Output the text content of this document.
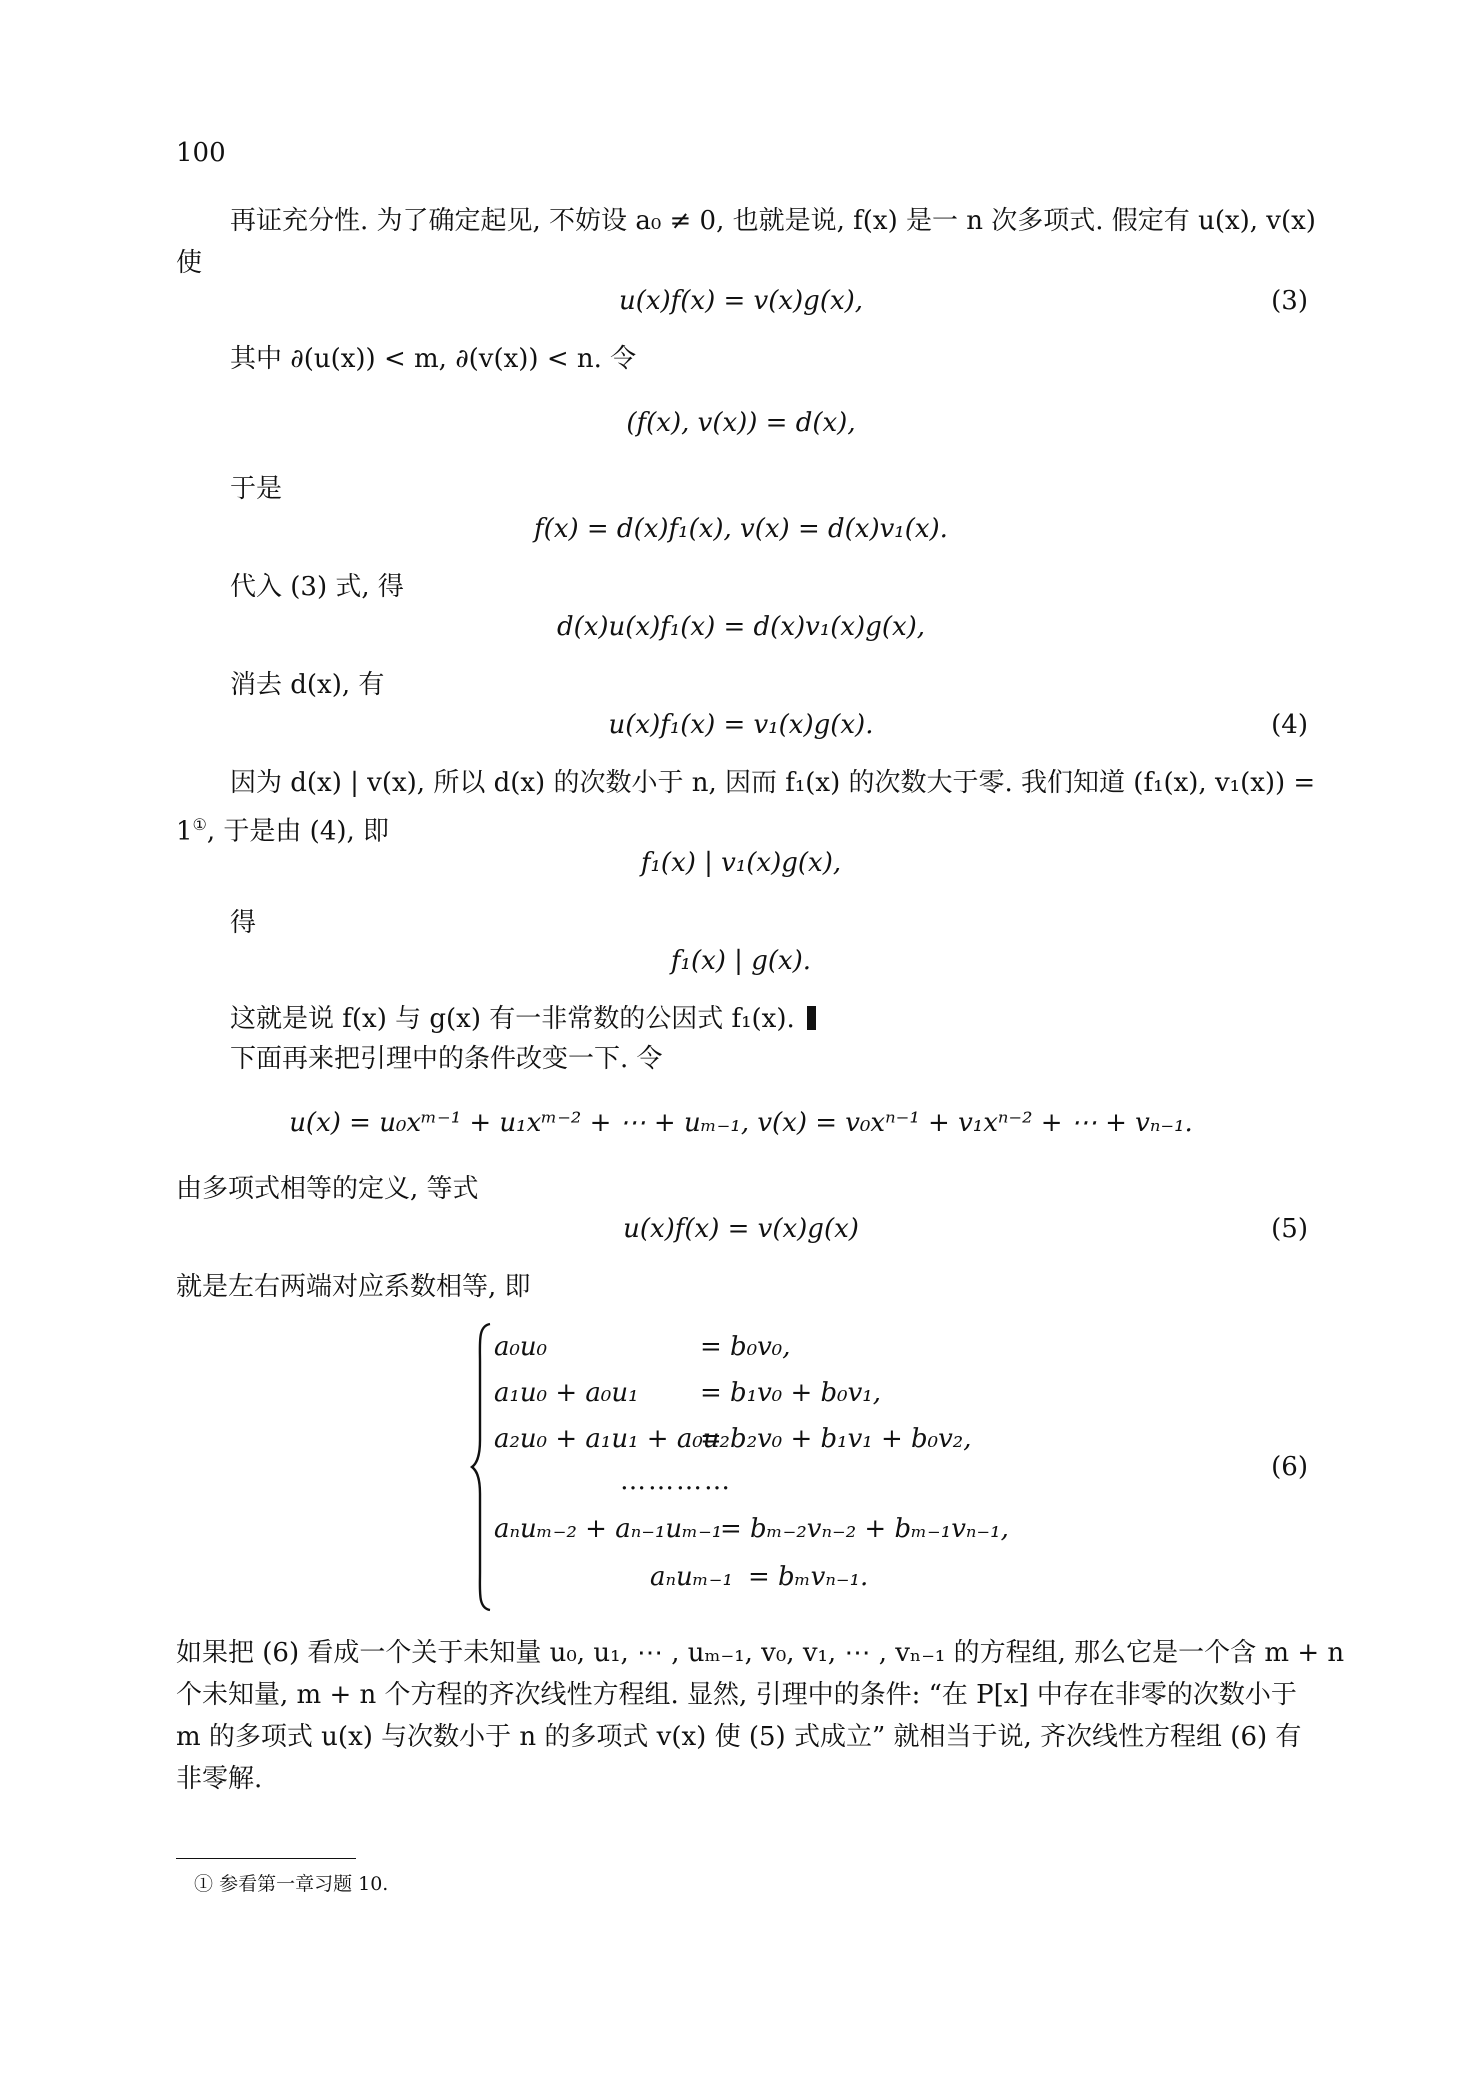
100
再证充分性. 为了确定起见, 不妨设 a₀ ≠ 0, 也就是说, f(x) 是一 n 次多项式. 假定有 u(x), v(x)
使
u(x)f(x) = v(x)g(x),	(3)
其中 ∂(u(x)) < m, ∂(v(x)) < n. 令
(f(x), v(x)) = d(x),
于是
f(x) = d(x)f₁(x), v(x) = d(x)v₁(x).
代入 (3) 式, 得
d(x)u(x)f₁(x) = d(x)v₁(x)g(x),
消去 d(x), 有
u(x)f₁(x) = v₁(x)g(x).	(4)
因为 d(x) | v(x), 所以 d(x) 的次数小于 n, 因而 f₁(x) 的次数大于零. 我们知道 (f₁(x), v₁(x)) =
1①, 于是由 (4), 即
f₁(x) | v₁(x)g(x),
得
f₁(x) | g(x).
这就是说 f(x) 与 g(x) 有一非常数的公因式 f₁(x).
下面再来把引理中的条件改变一下. 令
u(x) = u₀xᵐ⁻¹ + u₁xᵐ⁻² + ⋯ + uₘ₋₁, v(x) = v₀xⁿ⁻¹ + v₁xⁿ⁻² + ⋯ + vₙ₋₁.
由多项式相等的定义, 等式
u(x)f(x) = v(x)g(x)	(5)
就是左右两端对应系数相等, 即
a₀u₀	= b₀v₀,
a₁u₀ + a₀u₁ = b₁v₀ + b₀v₁,
a₂u₀ + a₁u₁ + a₀u₂
= b₂v₀ + b₁v₁ + b₀v₂,
…………
aₙuₘ₋₂ + aₙ₋₁uₘ₋₁
= bₘ₋₂vₙ₋₂ + bₘ₋₁vₙ₋₁,
aₙuₘ₋₁ = bₘvₙ₋₁.
(6)
如果把 (6) 看成一个关于未知量 u₀, u₁, ⋯ , uₘ₋₁, v₀, v₁, ⋯ , vₙ₋₁ 的方程组, 那么它是一个含 m + n
个未知量, m + n 个方程的齐次线性方程组. 显然, 引理中的条件: “在 P[x] 中存在非零的次数小于
m 的多项式 u(x) 与次数小于 n 的多项式 v(x) 使 (5) 式成立” 就相当于说, 齐次线性方程组 (6) 有
非零解.
① 参看第一章习题 10.
